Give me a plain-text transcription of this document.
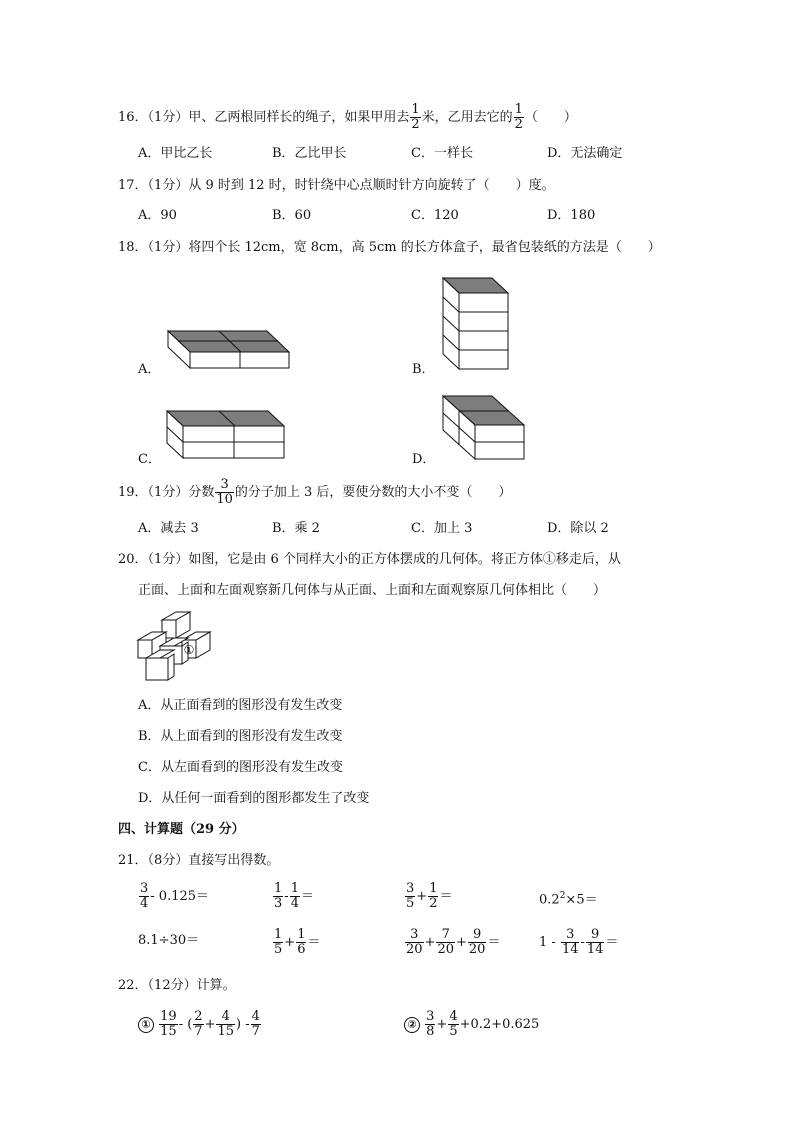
16．（1分）甲、乙两根同样长的绳子，如果甲用去 $\frac{1}{2}$ 米，乙用去它的 $\frac{1}{2}$ （　　）
A．甲比乙长	B．乙比甲长	C．一样长	D．无法确定
17．（1分）从 9 时到 12 时，时针绕中心点顺时针方向旋转了（　　）度。
A．90	B．60	C．120	D．180
18．（1分）将四个长 12cm，宽 8cm，高 5cm 的长方体盒子，最省包装纸的方法是（　　）
A．	B．
C．	D．
19．（1分）分数 $\frac{3}{10}$ 的分子加上 3 后，要使分数的大小不变（　　）
A．减去 3	B．乘 2	C．加上 3	D．除以 2
20．（1分）如图，它是由 6 个同样大小的正方体摆成的几何体。将正方体①移走后，从
正面、上面和左面观察新几何体与从正面、上面和左面观察原几何体相比（　　）
①
A．从正面看到的图形没有发生改变
B．从上面看到的图形没有发生改变
C．从左面看到的图形没有发生改变
D．从任何一面看到的图形都发生了改变
四、计算题（29 分）
21．（8分）直接写出得数。
$\frac{3}{4} - 0.125=$	$\frac{1}{3} - \frac{1}{4}$ ＝	$\frac{3}{5} + \frac{1}{2}$ ＝	$0.2^2\times 5=$
8.1÷30＝	$\frac{1}{5} + \frac{1}{6}$ ＝	$\frac{3}{20} + \frac{7}{20} + \frac{9}{20}$ ＝	$1 - \frac{3}{14} - \frac{9}{14}$ ＝
22．（12分）计算。
① $\frac{19}{15}$ - ( $\frac{2}{7} + \frac{4}{15}$ ) - $\frac{4}{7}$	② $\frac{3}{8} + \frac{4}{5} +0.2+0.625$
